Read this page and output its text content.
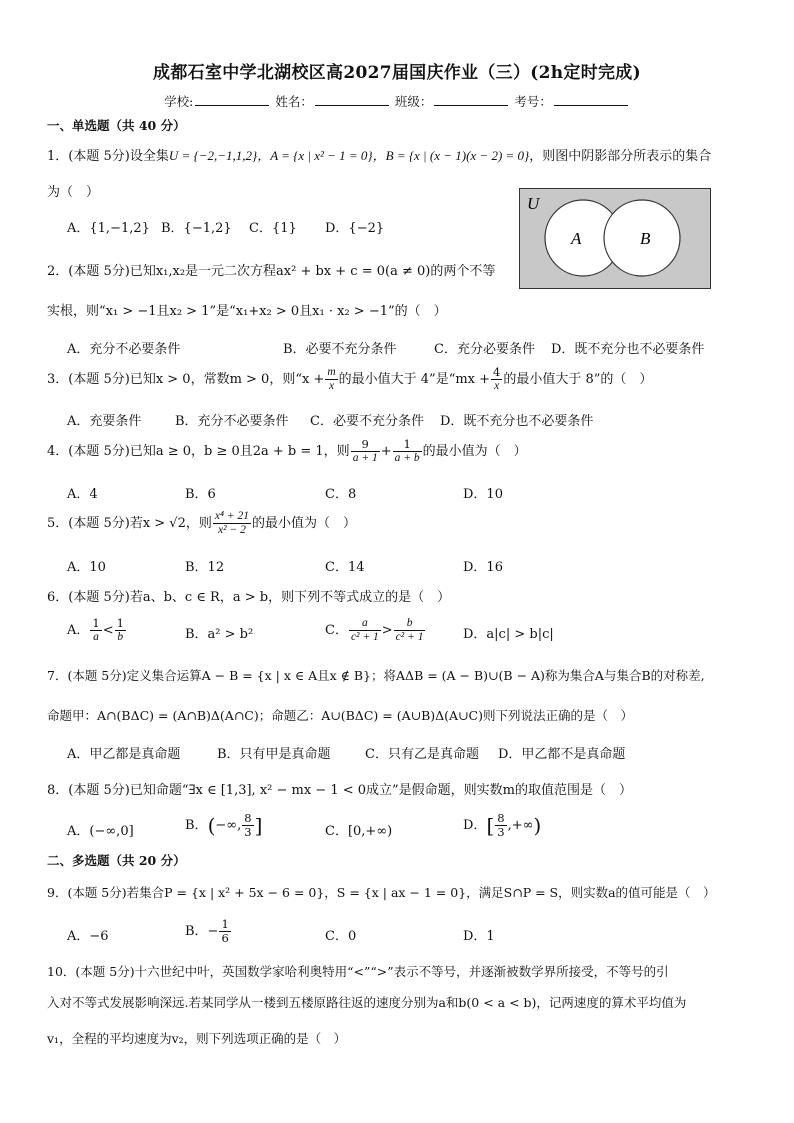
成都石室中学北湖校区高2027届国庆作业（三）(2h定时完成)
学校:	姓名：	班级：	考号：
一、单选题（共 40 分）
1．(本题 5分)设全集U = {−2,−1,1,2}，A = {x | x² − 1 = 0}，B = {x | (x − 1)(x − 2) = 0}，则图中阴影部分所表示的集合
为（　）
A．{1,−1,2} B．{−1,2} C．{1} D．{−2}
U
A	B
2．(本题 5分)已知x₁,x₂是一元二次方程ax² + bx + c = 0(a ≠ 0)的两个不等
实根，则“x₁ > −1且x₂ > 1”是“x₁+x₂ > 0且x₁ · x₂ > −1”的（　）
A．充分不必要条件	B．必要不充分条件	C．充分必要条件 D．既不充分也不必要条件
3．(本题 5分)已知x > 0，常数m > 0，则“$x + \frac{m}{x}$ 的最小值大于 4”是“mx + $\frac{4}{x}$ 的最小值大于 8”的（　）
A．充要条件	B．充分不必要条件 C．必要不充分条件 D．既不充分也不必要条件
4．(本题 5分)已知a ≥ 0，b ≥ 0且2a + b = 1，则 $\frac{9}{a + 1} + \frac{1}{a + b}$ 的最小值为（　）
A．4	B．6	C．8	D．10
5．(本题 5分)若x > √2，则 $\frac{\text{x⁴ + 21}}{\text{x² − 2}}$ 的最小值为（　）
A．10	B．12	C．14	D．16
6．(本题 5分)若a、b、c ∈ R，a > b，则下列不等式成立的是（　）
A． $\frac{1}{a} < \frac{1}{b}$	B．a² > b²	C． $\frac{a}{\text{c² + 1}} > \frac{b}{\text{c² + 1}}$	D．a|c| > b|c|
7．(本题 5分)定义集合运算A − B = {x | x ∈ A且x ∉ B}；将AΔB = (A − B)∪(B − A)称为集合A与集合B的对称差,
命题甲：A∩(BΔC) = (A∩B)Δ(A∩C)；命题乙：A∪(BΔC) = (A∪B)Δ(A∪C)则下列说法正确的是（　）
A．甲乙都是真命题	B．只有甲是真命题	C．只有乙是真命题 D．甲乙都不是真命题
8．(本题 5分)已知命题“∃x ∈ [1,3], x² − mx − 1 < 0成立”是假命题，则实数m的取值范围是（　）
A．(−∞,0]	B．(−∞, $\frac{8}{3}$ ]	C．[0,+∞)	D．[ $\frac{8}{3}$ ,+∞)
二、多选题（共 20 分）
9．(本题 5分)若集合P = {x | x² + 5x − 6 = 0}，S = {x | ax − 1 = 0}，满足S∩P = S，则实数a的值可能是（　）
A．−6	B．− $\frac{1}{6}$	C．0	D．1
10．(本题 5分)十六世纪中叶，英国数学家哈利奥特用“<”“>”表示不等号，并逐渐被数学界所接受，不等号的引
入对不等式发展影响深远.若某同学从一楼到五楼原路往返的速度分别为a和b(0 < a < b)，记两速度的算术平均值为
v₁，全程的平均速度为v₂，则下列选项正确的是（　）
